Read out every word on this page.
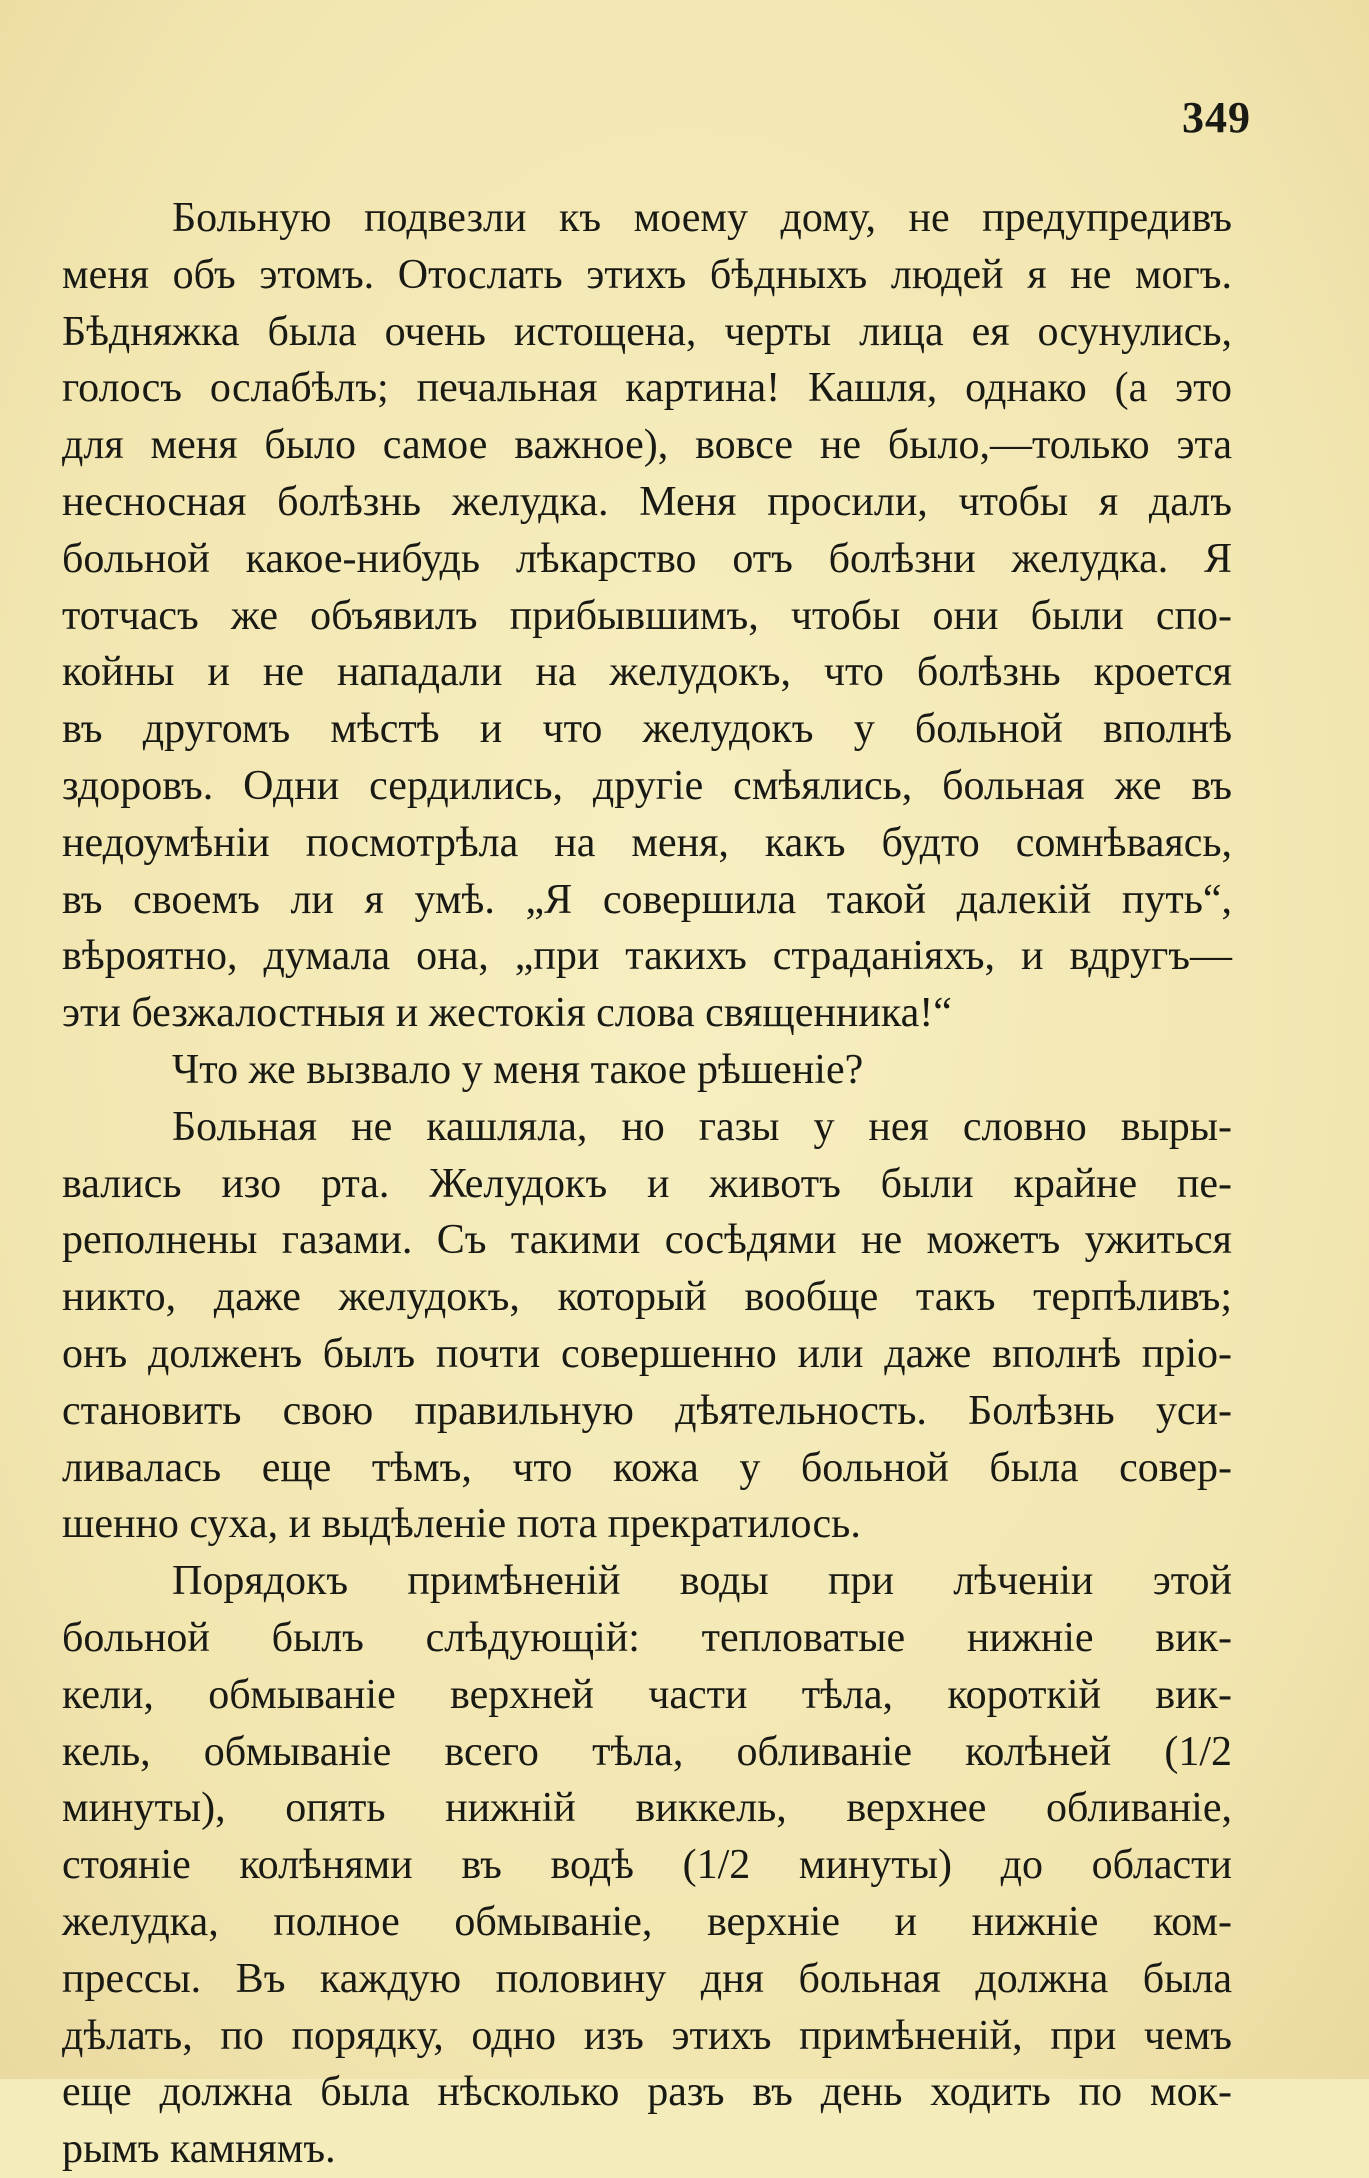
349
Больную подвезли къ моему дому, не предупредивъ
меня объ этомъ. Отослать этихъ бѣдныхъ людей я не могъ.
Бѣдняжка была очень истощена, черты лица ея осунулись,
голосъ ослабѣлъ; печальная картина! Кашля, однако (а это
для меня было самое важное), вовсе не было,—только эта
несносная болѣзнь желудка. Меня просили, чтобы я далъ
больной какое-нибудь лѣкарство отъ болѣзни желудка. Я
тотчасъ же объявилъ прибывшимъ, чтобы они были спо-
койны и не нападали на желудокъ, что болѣзнь кроется
въ другомъ мѣстѣ и что желудокъ у больной вполнѣ
здоровъ. Одни сердились, другіе смѣялись, больная же въ
недоумѣніи посмотрѣла на меня, какъ будто сомнѣваясь,
въ своемъ ли я умѣ. „Я совершила такой далекій путь“,
вѣроятно, думала она, „при такихъ страданіяхъ, и вдругъ—
эти безжалостныя и жестокія слова священника!“
Что же вызвало у меня такое рѣшеніе?
Больная не кашляла, но газы у нея словно выры-
вались изо рта. Желудокъ и животъ были крайне пе-
реполнены газами. Съ такими сосѣдями не можетъ ужиться
никто, даже желудокъ, который вообще такъ терпѣливъ;
онъ долженъ былъ почти совершенно или даже вполнѣ пріо-
становить свою правильную дѣятельность. Болѣзнь уси-
ливалась еще тѣмъ, что кожа у больной была совер-
шенно суха, и выдѣленіе пота прекратилось.
Порядокъ примѣненій воды при лѣченіи этой
больной былъ слѣдующій: тепловатые нижніе вик-
кели, обмываніе верхней части тѣла, короткій вик-
кель, обмываніе всего тѣла, обливаніе колѣней (1/2
минуты), опять нижній виккель, верхнее обливаніе,
стояніе колѣнями въ водѣ (1/2 минуты) до области
желудка, полное обмываніе, верхніе и нижніе ком-
прессы. Въ каждую половину дня больная должна была
дѣлать, по порядку, одно изъ этихъ примѣненій, при чемъ
еще должна была нѣсколько разъ въ день ходить по мок-
рымъ камнямъ.
